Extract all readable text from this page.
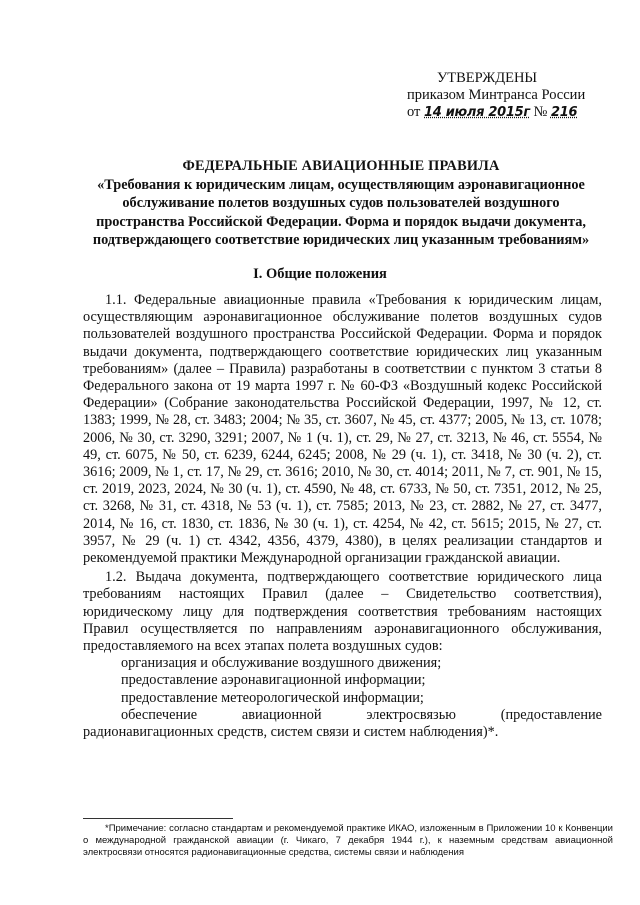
УТВЕРЖДЕНЫ
приказом Минтранса России
от 14 июля 2015г № 216
ФЕДЕРАЛЬНЫЕ АВИАЦИОННЫЕ ПРАВИЛА
«Требования к юридическим лицам, осуществляющим аэронавигационное обслуживание полетов воздушных судов пользователей воздушного пространства Российской Федерации. Форма и порядок выдачи документа, подтверждающего соответствие юридических лиц указанным требованиям»
I. Общие положения

1.1. Федеральные авиационные правила «Требования к юридическим лицам, осуществляющим аэронавигационное обслуживание полетов воздушных судов пользователей воздушного пространства Российской Федерации. Форма и порядок выдачи документа, подтверждающего соответствие юридических лиц указанным требованиям» (далее – Правила) разработаны в соответствии с пунктом 3 статьи 8 Федерального закона от 19 марта 1997 г. № 60-ФЗ «Воздушный кодекс Российской Федерации» (Собрание законодательства Российской Федерации, 1997, № 12, ст. 1383; 1999, № 28, ст. 3483; 2004; № 35, ст. 3607, № 45, ст. 4377; 2005, № 13, ст. 1078; 2006, № 30, ст. 3290, 3291; 2007, № 1 (ч. 1), ст. 29, № 27, ст. 3213, № 46, ст. 5554, № 49, ст. 6075, № 50, ст. 6239, 6244, 6245; 2008, № 29 (ч. 1), ст. 3418, № 30 (ч. 2), ст. 3616; 2009, № 1, ст. 17, № 29, ст. 3616; 2010, № 30, ст. 4014; 2011, № 7, ст. 901, № 15, ст. 2019, 2023, 2024, № 30 (ч. 1), ст. 4590, № 48, ст. 6733, № 50, ст. 7351, 2012, № 25, ст. 3268, № 31, ст. 4318, № 53 (ч. 1), ст. 7585; 2013, № 23, ст. 2882, № 27, ст. 3477, 2014, № 16, ст. 1830, ст. 1836, № 30 (ч. 1), ст. 4254, № 42, ст. 5615; 2015, № 27, ст. 3957, № 29 (ч. 1) ст. 4342, 4356, 4379, 4380), в целях реализации стандартов и рекомендуемой практики Международной организации гражданской авиации.

1.2. Выдача документа, подтверждающего соответствие юридического лица требованиям настоящих Правил (далее – Свидетельство соответствия), юридическому лицу для подтверждения соответствия требованиям настоящих Правил осуществляется по направлениям аэронавигационного обслуживания, предоставляемого на всех этапах полета воздушных судов:

организация и обслуживание воздушного движения;

предоставление аэронавигационной информации;

предоставление метеорологической информации;

обеспечение авиационной электросвязью (предоставление

радионавигационных средств, систем связи и систем наблюдения)*.

*Примечание: согласно стандартам и рекомендуемой практике ИКАО, изложенным в Приложении 10 к Конвенции о международной гражданской авиации (г. Чикаго, 7 декабря 1944 г.), к наземным средствам авиационной электросвязи относятся радионавигационные средства, системы связи и наблюдения
